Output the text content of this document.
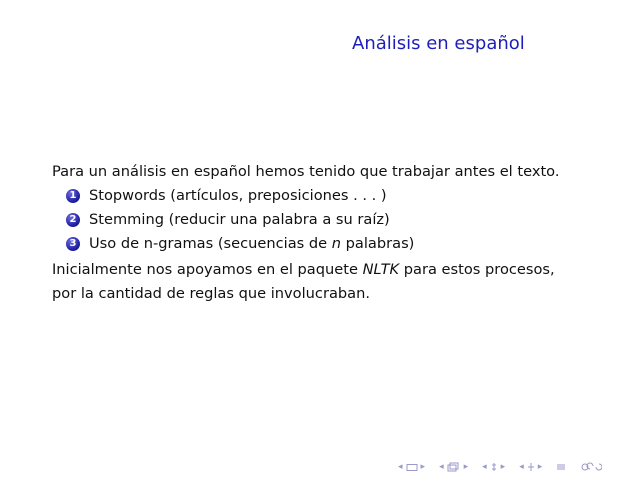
Análisis en español
Para un análisis en español hemos tenido que trabajar antes el texto.
1 Stopwords (artículos, preposiciones . . . )
2 Stemming (reducir una palabra a su raíz)
3 Uso de n-gramas (secuencias de n palabras)
Inicialmente nos apoyamos en el paquete NLTK para estos procesos,
por la cantidad de reglas que involucraban.
◂ ▸ ◂ ▸ ◂ ▸ ◂ ▸
